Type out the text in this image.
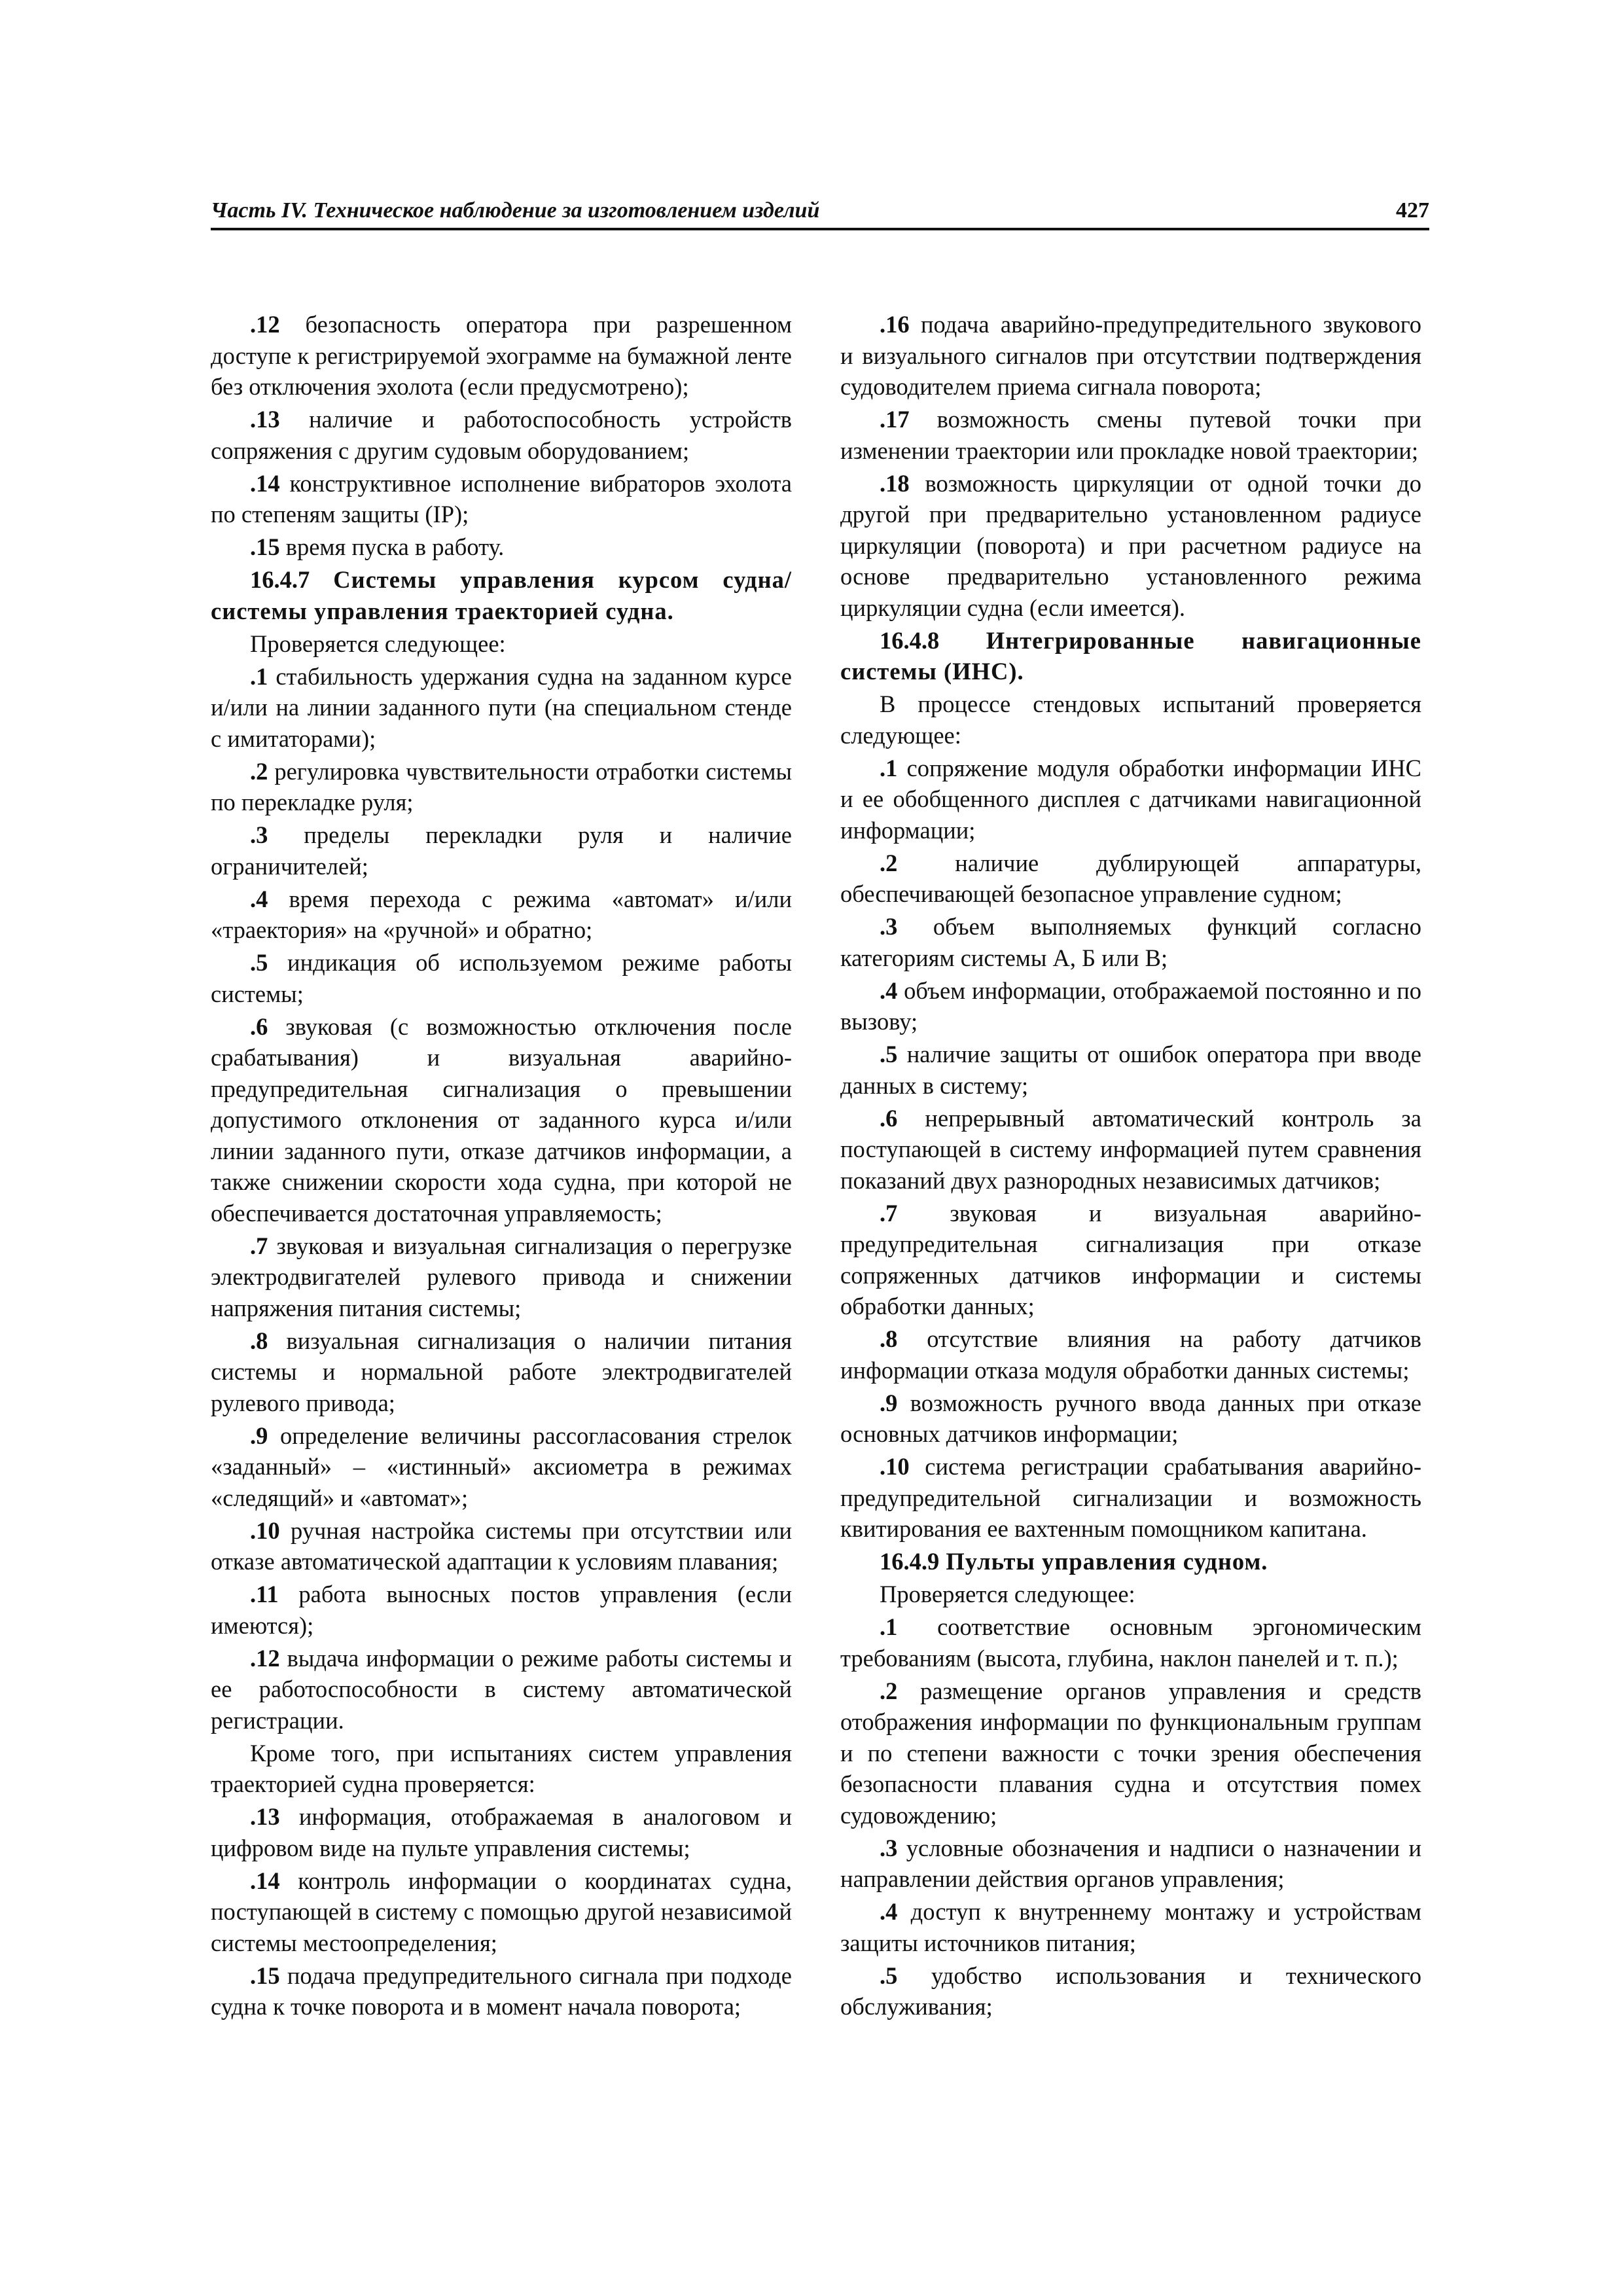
Часть IV. Техническое наблюдение за изготовлением изделий	427

.12 безопасность оператора при разрешенном доступе к регистрируемой эхограмме на бумажной ленте без отключения эхолота (если предусмотрено);

.13 наличие и работоспособность устройств сопряжения с другим судовым оборудованием;

.14 конструктивное исполнение вибраторов эхолота по степеням защиты (IP);

.15 время пуска в работу.

16.4.7 Системы управления курсом судна/ системы управления траекторией судна.

Проверяется следующее:

.1 стабильность удержания судна на заданном курсе и/или на линии заданного пути (на специальном стенде с имитаторами);

.2 регулировка чувствительности отработки системы по перекладке руля;

.3 пределы перекладки руля и наличие ограничителей;

.4 время перехода с режима «автомат» и/или «траектория» на «ручной» и обратно;

.5 индикация об используемом режиме работы системы;

.6 звуковая (с возможностью отключения после срабатывания) и визуальная аварийно-предупредительная сигнализация о превышении допустимого отклонения от заданного курса и/или линии заданного пути, отказе датчиков информации, а также снижении скорости хода судна, при которой не обеспечивается достаточная управляемость;

.7 звуковая и визуальная сигнализация о перегрузке электродвигателей рулевого привода и снижении напряжения питания системы;

.8 визуальная сигнализация о наличии питания системы и нормальной работе электродвигателей рулевого привода;

.9 определение величины рассогласования стрелок «заданный» – «истинный» аксиометра в режимах «следящий» и «автомат»;

.10 ручная настройка системы при отсутствии или отказе автоматической адаптации к условиям плавания;

.11 работа выносных постов управления (если имеются);

.12 выдача информации о режиме работы системы и ее работоспособности в систему автоматической регистрации.

Кроме того, при испытаниях систем управления траекторией судна проверяется:

.13 информация, отображаемая в аналоговом и цифровом виде на пульте управления системы;

.14 контроль информации о координатах судна, поступающей в систему с помощью другой независимой системы местоопределения;

.15 подача предупредительного сигнала при подходе судна к точке поворота и в момент начала поворота;

.16 подача аварийно-предупредительного звукового и визуального сигналов при отсутствии подтверждения судоводителем приема сигнала поворота;

.17 возможность смены путевой точки при изменении траектории или прокладке новой траектории;

.18 возможность циркуляции от одной точки до другой при предварительно установленном радиусе циркуляции (поворота) и при расчетном радиусе на основе предварительно установленного режима циркуляции судна (если имеется).

16.4.8 Интегрированные навигационные системы (ИНС).

В процессе стендовых испытаний проверяется следующее:

.1 сопряжение модуля обработки информации ИНС и ее обобщенного дисплея с датчиками навигационной информации;

.2 наличие дублирующей аппаратуры, обеспечивающей безопасное управление судном;

.3 объем выполняемых функций согласно категориям системы А, Б или В;

.4 объем информации, отображаемой постоянно и по вызову;

.5 наличие защиты от ошибок оператора при вводе данных в систему;

.6 непрерывный автоматический контроль за поступающей в систему информацией путем сравнения показаний двух разнородных независимых датчиков;

.7 звуковая и визуальная аварийно-предупредительная сигнализация при отказе сопряженных датчиков информации и системы обработки данных;

.8 отсутствие влияния на работу датчиков информации отказа модуля обработки данных системы;

.9 возможность ручного ввода данных при отказе основных датчиков информации;

.10 система регистрации срабатывания аварийно-предупредительной сигнализации и возможность квитирования ее вахтенным помощником капитана.

16.4.9 Пульты управления судном.

Проверяется следующее:

.1 соответствие основным эргономическим требованиям (высота, глубина, наклон панелей и т. п.);

.2 размещение органов управления и средств отображения информации по функциональным группам и по степени важности с точки зрения обеспечения безопасности плавания судна и отсутствия помех судовождению;

.3 условные обозначения и надписи о назначении и направлении действия органов управления;

.4 доступ к внутреннему монтажу и устройствам защиты источников питания;

.5 удобство использования и технического обслуживания;
